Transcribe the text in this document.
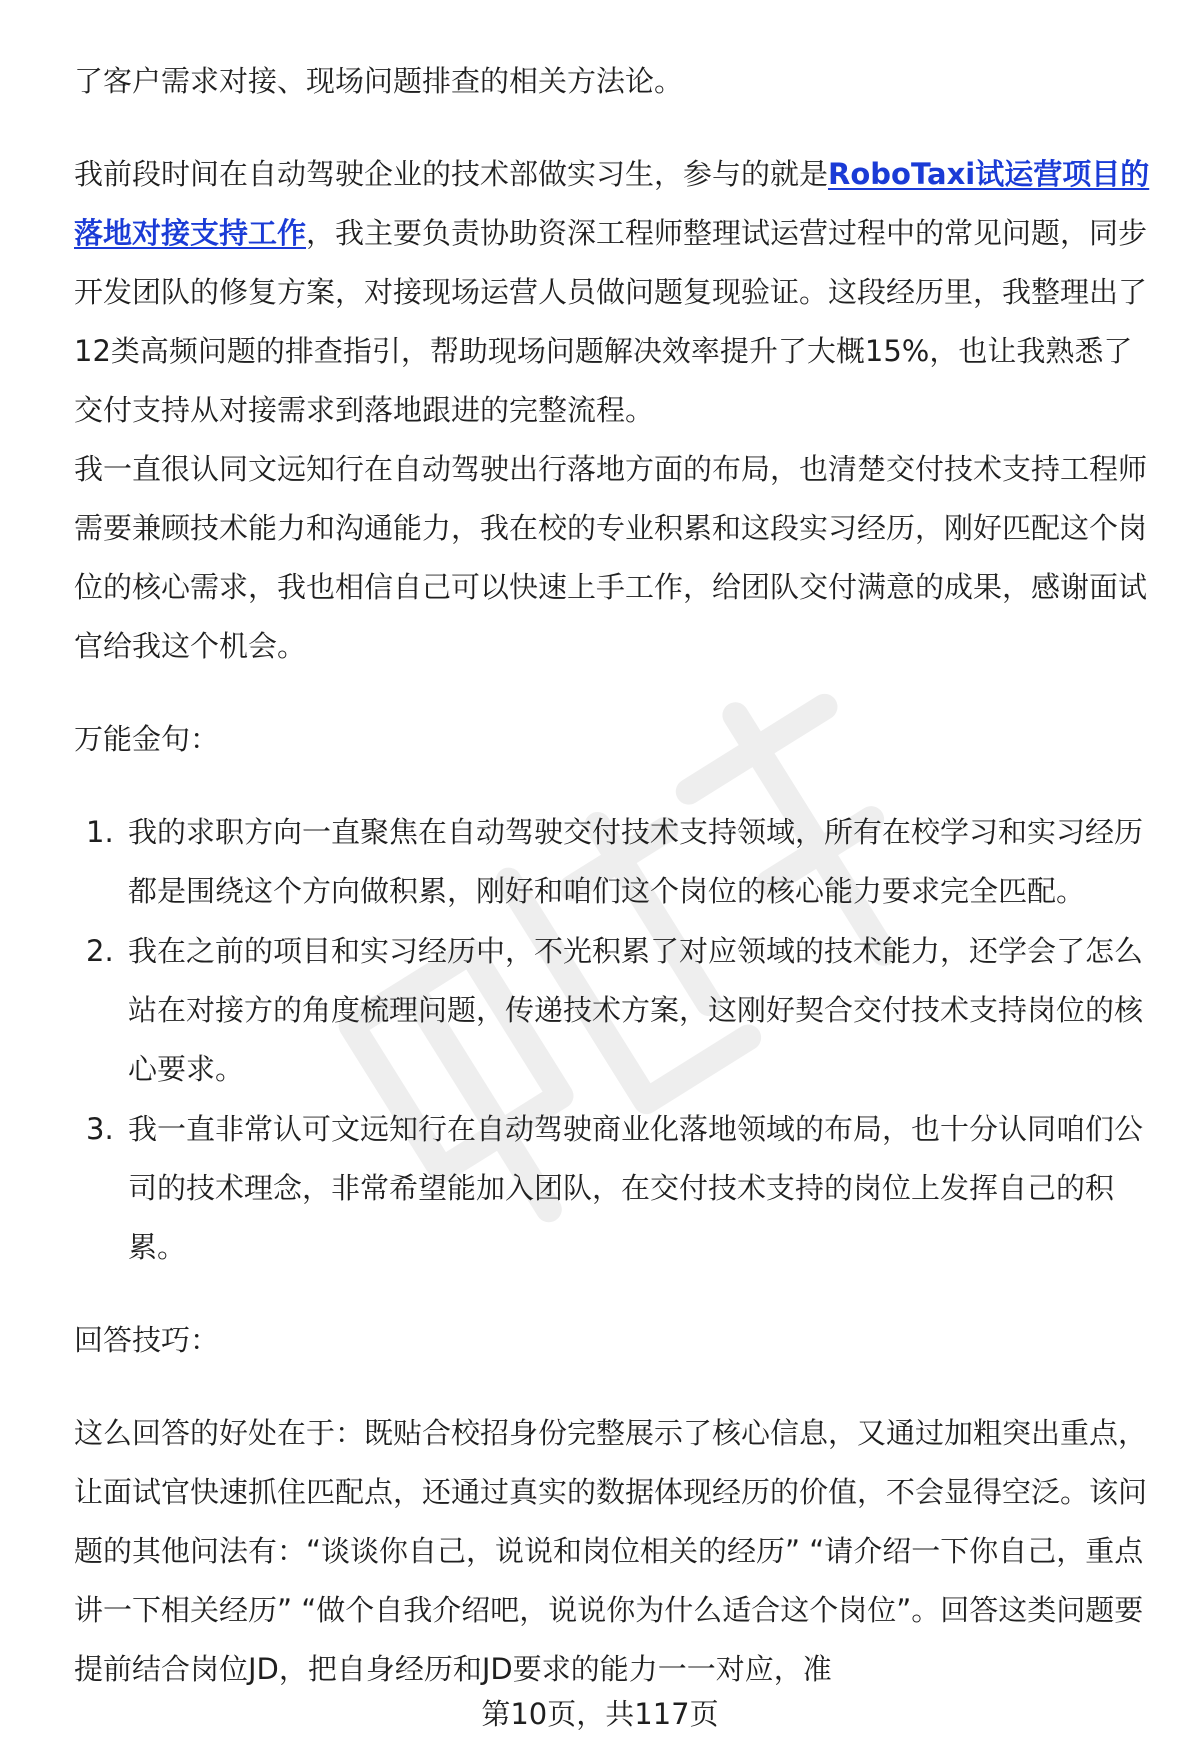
了客户需求对接、现场问题排查的相关方法论。

我前段时间在自动驾驶企业的技术部做实习生，参与的就是RoboTaxi试运营项目的落地对接支持工作，我主要负责协助资深工程师整理试运营过程中的常见问题，同步开发团队的修复方案，对接现场运营人员做问题复现验证。这段经历里，我整理出了12类高频问题的排查指引，帮助现场问题解决效率提升了大概15%，也让我熟悉了交付支持从对接需求到落地跟进的完整流程。

我一直很认同文远知行在自动驾驶出行落地方面的布局，也清楚交付技术支持工程师需要兼顾技术能力和沟通能力，我在校的专业积累和这段实习经历，刚好匹配这个岗位的核心需求，我也相信自己可以快速上手工作，给团队交付满意的成果，感谢面试官给我这个机会。

万能金句：

1. 我的求职方向一直聚焦在自动驾驶交付技术支持领域，所有在校学习和实习经历都是围绕这个方向做积累，刚好和咱们这个岗位的核心能力要求完全匹配。
2. 我在之前的项目和实习经历中，不光积累了对应领域的技术能力，还学会了怎么站在对接方的角度梳理问题，传递技术方案，这刚好契合交付技术支持岗位的核心要求。
3. 我一直非常认可文远知行在自动驾驶商业化落地领域的布局，也十分认同咱们公司的技术理念，非常希望能加入团队，在交付技术支持的岗位上发挥自己的积累。

回答技巧：

这么回答的好处在于：既贴合校招身份完整展示了核心信息，又通过加粗突出重点，让面试官快速抓住匹配点，还通过真实的数据体现经历的价值，不会显得空泛。该问题的其他问法有：“谈谈你自己，说说和岗位相关的经历” “请介绍一下你自己，重点讲一下相关经历” “做个自我介绍吧，说说你为什么适合这个岗位”。回答这类问题要提前结合岗位JD，把自身经历和JD要求的能力一一对应，准

第10页，共117页
